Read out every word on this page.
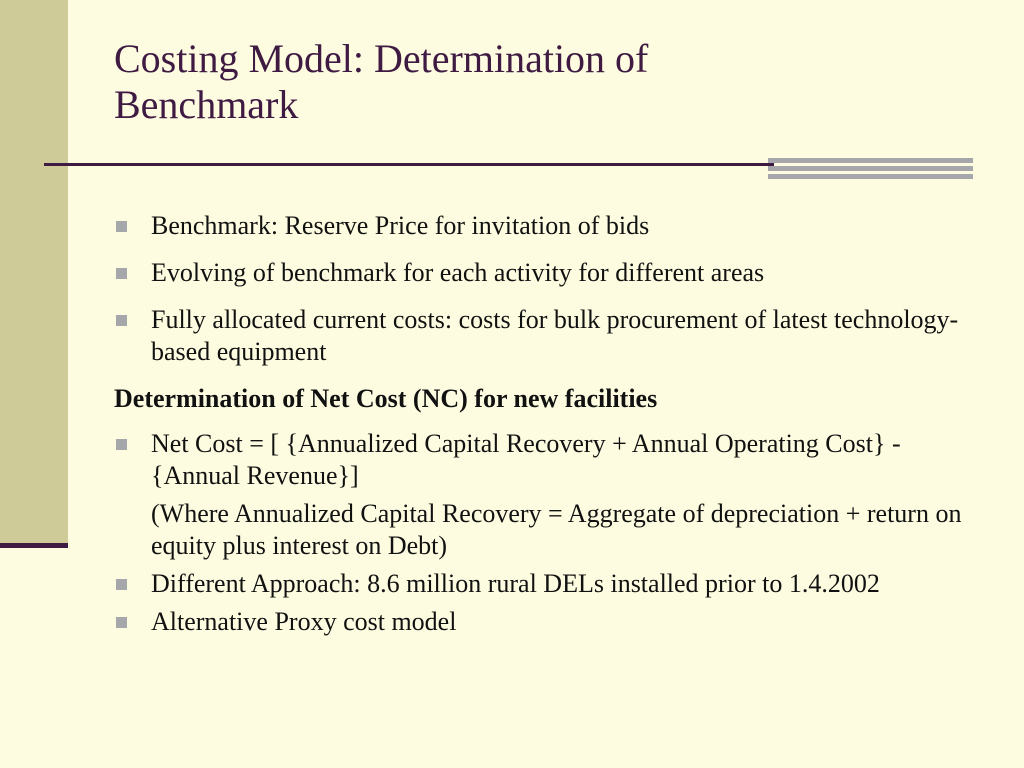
Costing Model: Determination of
Benchmark
Benchmark: Reserve Price for invitation of bids
Evolving of benchmark for each activity for different areas
Fully allocated current costs: costs for bulk procurement of latest technology-based equipment
Determination of Net Cost (NC) for new facilities
Net Cost = [ {Annualized Capital Recovery + Annual Operating Cost} - {Annual Revenue}]
(Where Annualized Capital Recovery = Aggregate of depreciation + return on equity plus interest on Debt)
Different Approach: 8.6 million rural DELs installed prior to 1.4.2002
Alternative Proxy cost model
